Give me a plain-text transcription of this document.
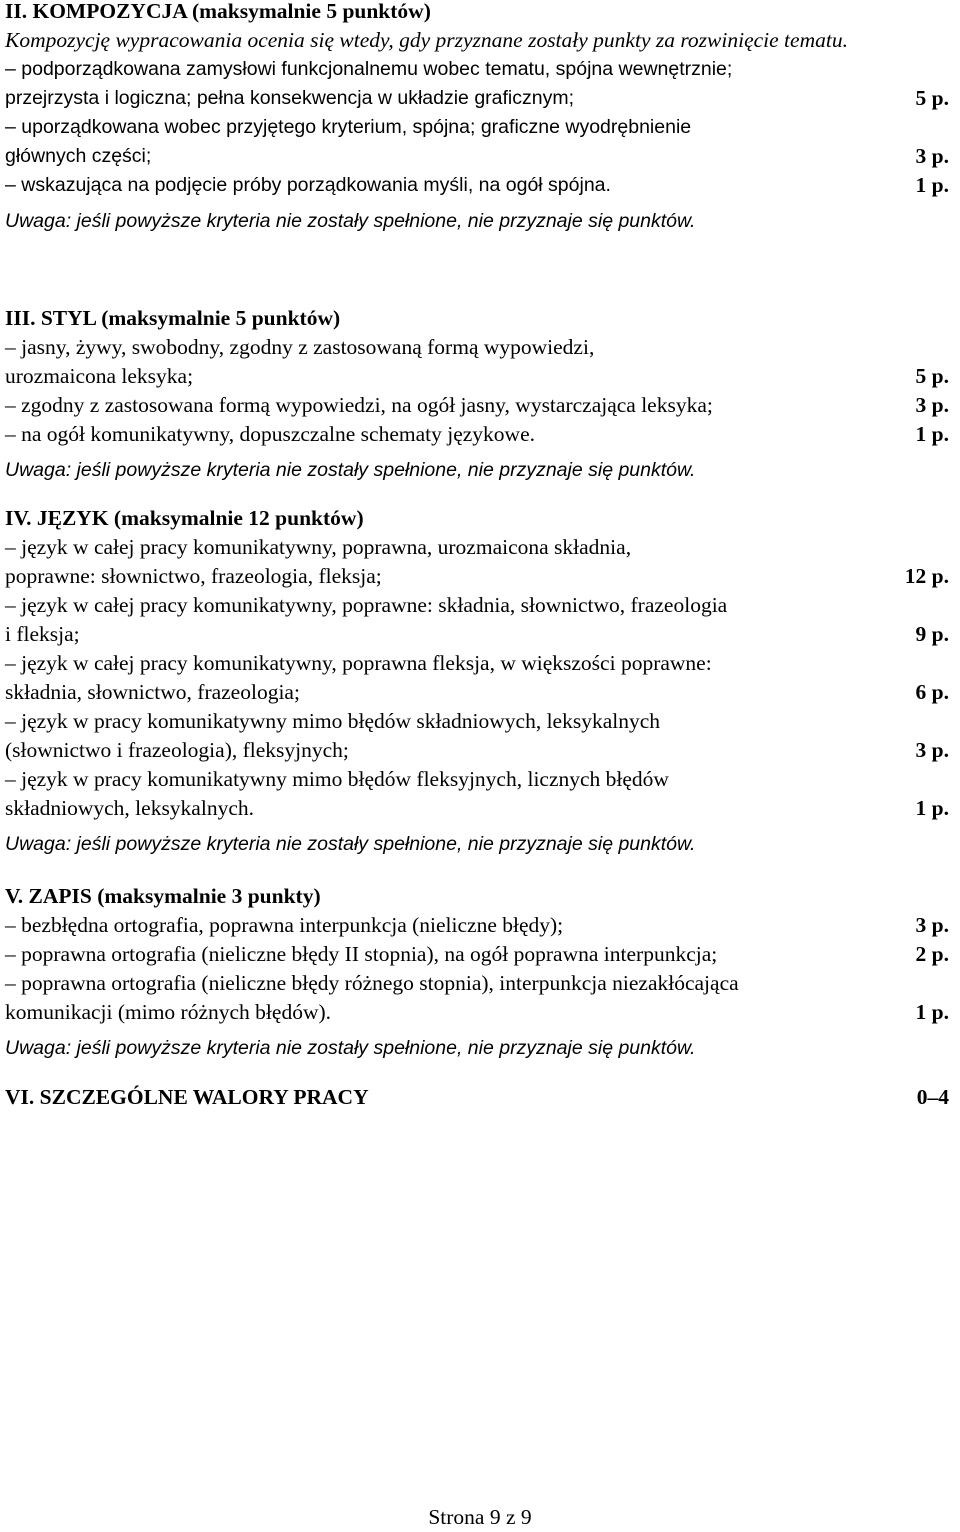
II. KOMPOZYCJA (maksymalnie 5 punktów)
Kompozycję wypracowania ocenia się wtedy, gdy przyznane zostały punkty za rozwinięcie tematu.
– podporządkowana zamysłowi funkcjonalnemu wobec tematu, spójna wewnętrznie;
przejrzysta i logiczna; pełna konsekwencja w układzie graficznym;	5 p.
– uporządkowana wobec przyjętego kryterium, spójna; graficzne wyodrębnienie
głównych części;	3 p.
– wskazująca na podjęcie próby porządkowania myśli, na ogół spójna.	1 p.
Uwaga: jeśli powyższe kryteria nie zostały spełnione, nie przyznaje się punktów.
III. STYL (maksymalnie 5 punktów)
– jasny, żywy, swobodny, zgodny z zastosowaną formą wypowiedzi,
urozmaicona leksyka;	5 p.
– zgodny z zastosowana formą wypowiedzi, na ogół jasny, wystarczająca leksyka;	3 p.
– na ogół komunikatywny, dopuszczalne schematy językowe.	1 p.
Uwaga: jeśli powyższe kryteria nie zostały spełnione, nie przyznaje się punktów.
IV. JĘZYK (maksymalnie 12 punktów)
– język w całej pracy komunikatywny, poprawna, urozmaicona składnia,
poprawne: słownictwo, frazeologia, fleksja;	12 p.
– język w całej pracy komunikatywny, poprawne: składnia, słownictwo, frazeologia
i fleksja;	9 p.
– język w całej pracy komunikatywny, poprawna fleksja, w większości poprawne:
składnia, słownictwo, frazeologia;	6 p.
– język w pracy komunikatywny mimo błędów składniowych, leksykalnych
(słownictwo i frazeologia), fleksyjnych;	3 p.
– język w pracy komunikatywny mimo błędów fleksyjnych, licznych błędów
składniowych, leksykalnych.	1 p.
Uwaga: jeśli powyższe kryteria nie zostały spełnione, nie przyznaje się punktów.
V. ZAPIS (maksymalnie 3 punkty)
– bezbłędna ortografia, poprawna interpunkcja (nieliczne błędy);	3 p.
– poprawna ortografia (nieliczne błędy II stopnia), na ogół poprawna interpunkcja;	2 p.
– poprawna ortografia (nieliczne błędy różnego stopnia), interpunkcja niezakłócająca
komunikacji (mimo różnych błędów).	1 p.
Uwaga: jeśli powyższe kryteria nie zostały spełnione, nie przyznaje się punktów.
VI. SZCZEGÓLNE WALORY PRACY	0–4
Strona 9 z 9
